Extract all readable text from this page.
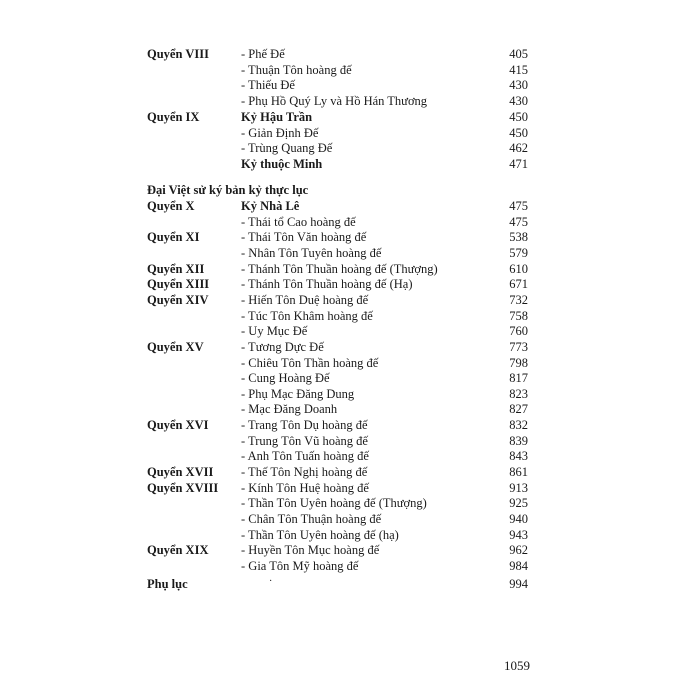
Quyển VIII	- Phế Đế	405
- Thuận Tôn hoàng đế	415
- Thiếu Đế	430
- Phụ Hồ Quý Ly và Hồ Hán Thương	430
Quyển IX	Kỷ Hậu Trần	450
- Giản Định Đế	450
- Trùng Quang Đế	462
Kỷ thuộc Minh	471
Đại Việt sử ký bản kỷ thực lục
Quyển X	Kỷ Nhà Lê	475
- Thái tổ Cao hoàng đế	475
Quyển XI	- Thái Tôn Văn hoàng đế	538
- Nhân Tôn Tuyên hoàng đế	579
Quyển XII	- Thánh Tôn Thuần hoàng đế (Thượng)	610
Quyển XIII	- Thánh Tôn Thuần hoàng đế (Hạ)	671
Quyển XIV	- Hiến Tôn Duệ hoàng đế	732
- Túc Tôn Khâm hoàng đế	758
- Uy Mục Đế	760
Quyển XV	- Tương Dực Đế	773
- Chiêu Tôn Thần hoàng đế	798
- Cung Hoàng Đế	817
- Phụ Mạc Đăng Dung	823
- Mạc Đăng Doanh	827
Quyển XVI	- Trang Tôn Dụ hoàng đế	832
- Trung Tôn Vũ hoàng đế	839
- Anh Tôn Tuấn hoàng đế	843
Quyển XVII - Thế Tôn Nghị hoàng đế	861
Quyển XVIII - Kính Tôn Huệ hoàng đế	913
- Thần Tôn Uyên hoàng đế (Thượng)	925
- Chân Tôn Thuận hoàng đế	940
- Thần Tôn Uyên hoàng đế (hạ)	943
Quyển XIX	- Huyền Tôn Mục hoàng đế	962
- Gia Tôn Mỹ hoàng đế	984
Phụ lục	·	994
1059
